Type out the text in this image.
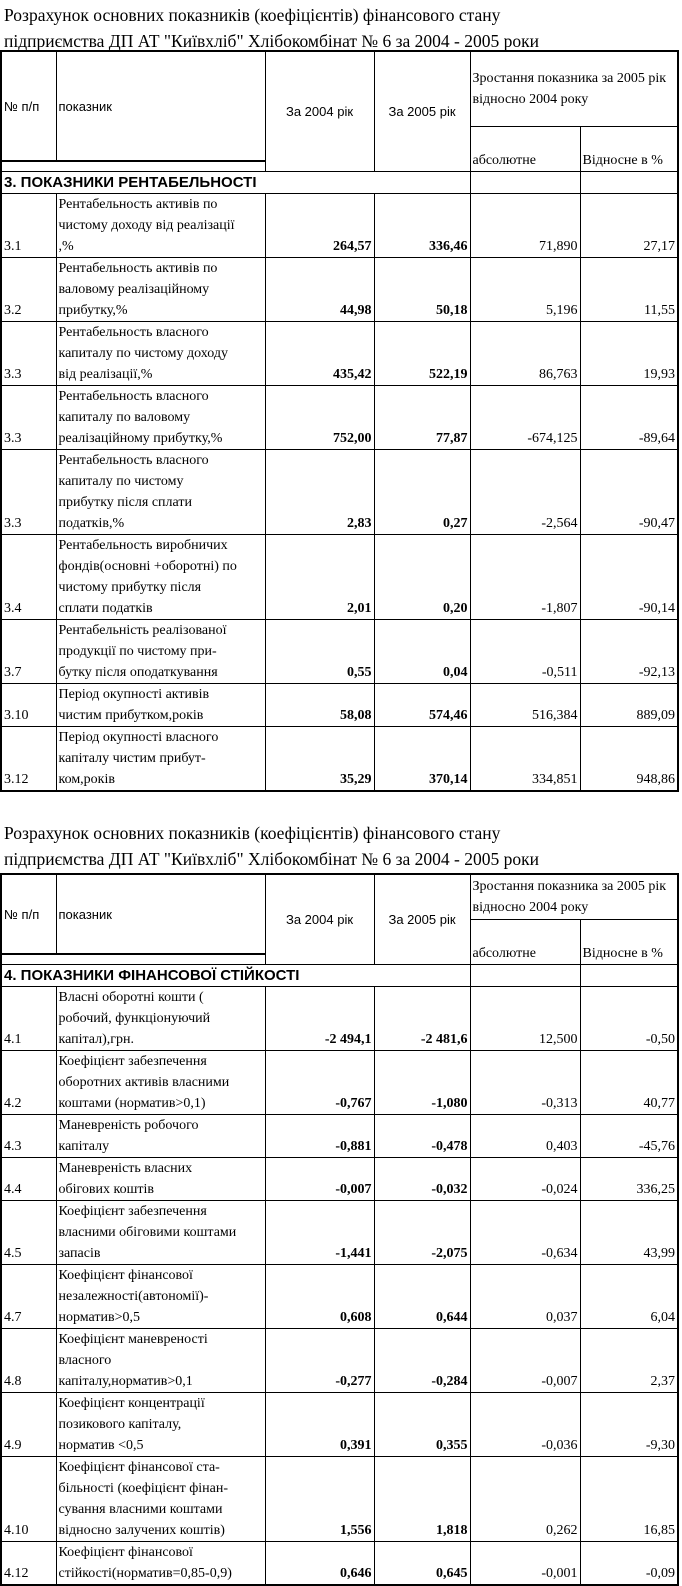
Розрахунок основних показників (коефіцієнтів) фінансового стану
підприємства ДП АТ "Київхліб" Хлібокомбінат № 6 за 2004 - 2005 роки
№ п/п	показник	За 2004 рік	За 2005 рік	Зростання показника за 2005 рік відносно 2004 року	
				абсолютне	Відносне в %

3. ПОКАЗНИКИ РЕНТАБЕЛЬНОСТІ					
3.1	Рентабельность активів по
чистому доходу від реалізації
,%	264,57	336,46	71,890	27,17
3.2	Рентабельность активів по
валовому реалізаційному
прибутку,%	44,98	50,18	5,196	11,55
3.3	Рентабельность власного
капиталу по чистому доходу
від реалізації,%	435,42	522,19	86,763	19,93
3.3	Рентабельность власного
капиталу по валовому
реалізаційному прибутку,%	752,00	77,87	-674,125	-89,64
3.3	Рентабельность власного
капиталу по чистому
прибутку після сплати
податків,%	2,83	0,27	-2,564	-90,47
3.4	Рентабельность виробничих
фондів(основні +оборотні) по
чистому прибутку після
сплати податків	2,01	0,20	-1,807	-90,14
3.7	Рентабельність реалізованої
продукції по чистому при-
бутку після оподаткування	0,55	0,04	-0,511	-92,13
3.10	Період окупності активів
чистим прибутком,років	58,08	574,46	516,384	889,09
3.12	Період окупності власного
капіталу чистим прибут-
ком,років	35,29	370,14	334,851	948,86
Розрахунок основних показників (коефіцієнтів) фінансового стану
підприємства ДП АТ "Київхліб" Хлібокомбінат № 6 за 2004 - 2005 роки
№ п/п	показник	За 2004 рік	За 2005 рік	Зростання показника за 2005 рік відносно 2004 року	
				абсолютне	Відносне в %

4. ПОКАЗНИКИ ФІНАНСОВОЇ СТІЙКОСТІ					
4.1	Власні оборотні кошти (
робочий, функціонуючий
капітал),грн.	-2 494,1	-2 481,6	12,500	-0,50
4.2	Коефіцієнт забезпечення
оборотних активів власними
коштами (норматив>0,1)	-0,767	-1,080	-0,313	40,77
4.3	Маневреність робочого
капіталу	-0,881	-0,478	0,403	-45,76
4.4	Маневреність власних
обігових коштів	-0,007	-0,032	-0,024	336,25
4.5	Коефіцієнт забезпечення
власними обіговими коштами
запасів	-1,441	-2,075	-0,634	43,99
4.7	Коефіцієнт фінансової
незалежності(автономії)-
норматив>0,5	0,608	0,644	0,037	6,04
4.8	Коефіцієнт маневреності
власного
капіталу,норматив>0,1	-0,277	-0,284	-0,007	2,37
4.9	Коефіцієнт концентрації
позикового капіталу,
норматив <0,5	0,391	0,355	-0,036	-9,30
4.10	Коефіцієнт фінансової ста-
більності (коефіцієнт фінан-
сування власними коштами
відносно залучених коштів)	1,556	1,818	0,262	16,85
4.12	Коефіцієнт фінансової
стійкості(норматив=0,85-0,9)	0,646	0,645	-0,001	-0,09
